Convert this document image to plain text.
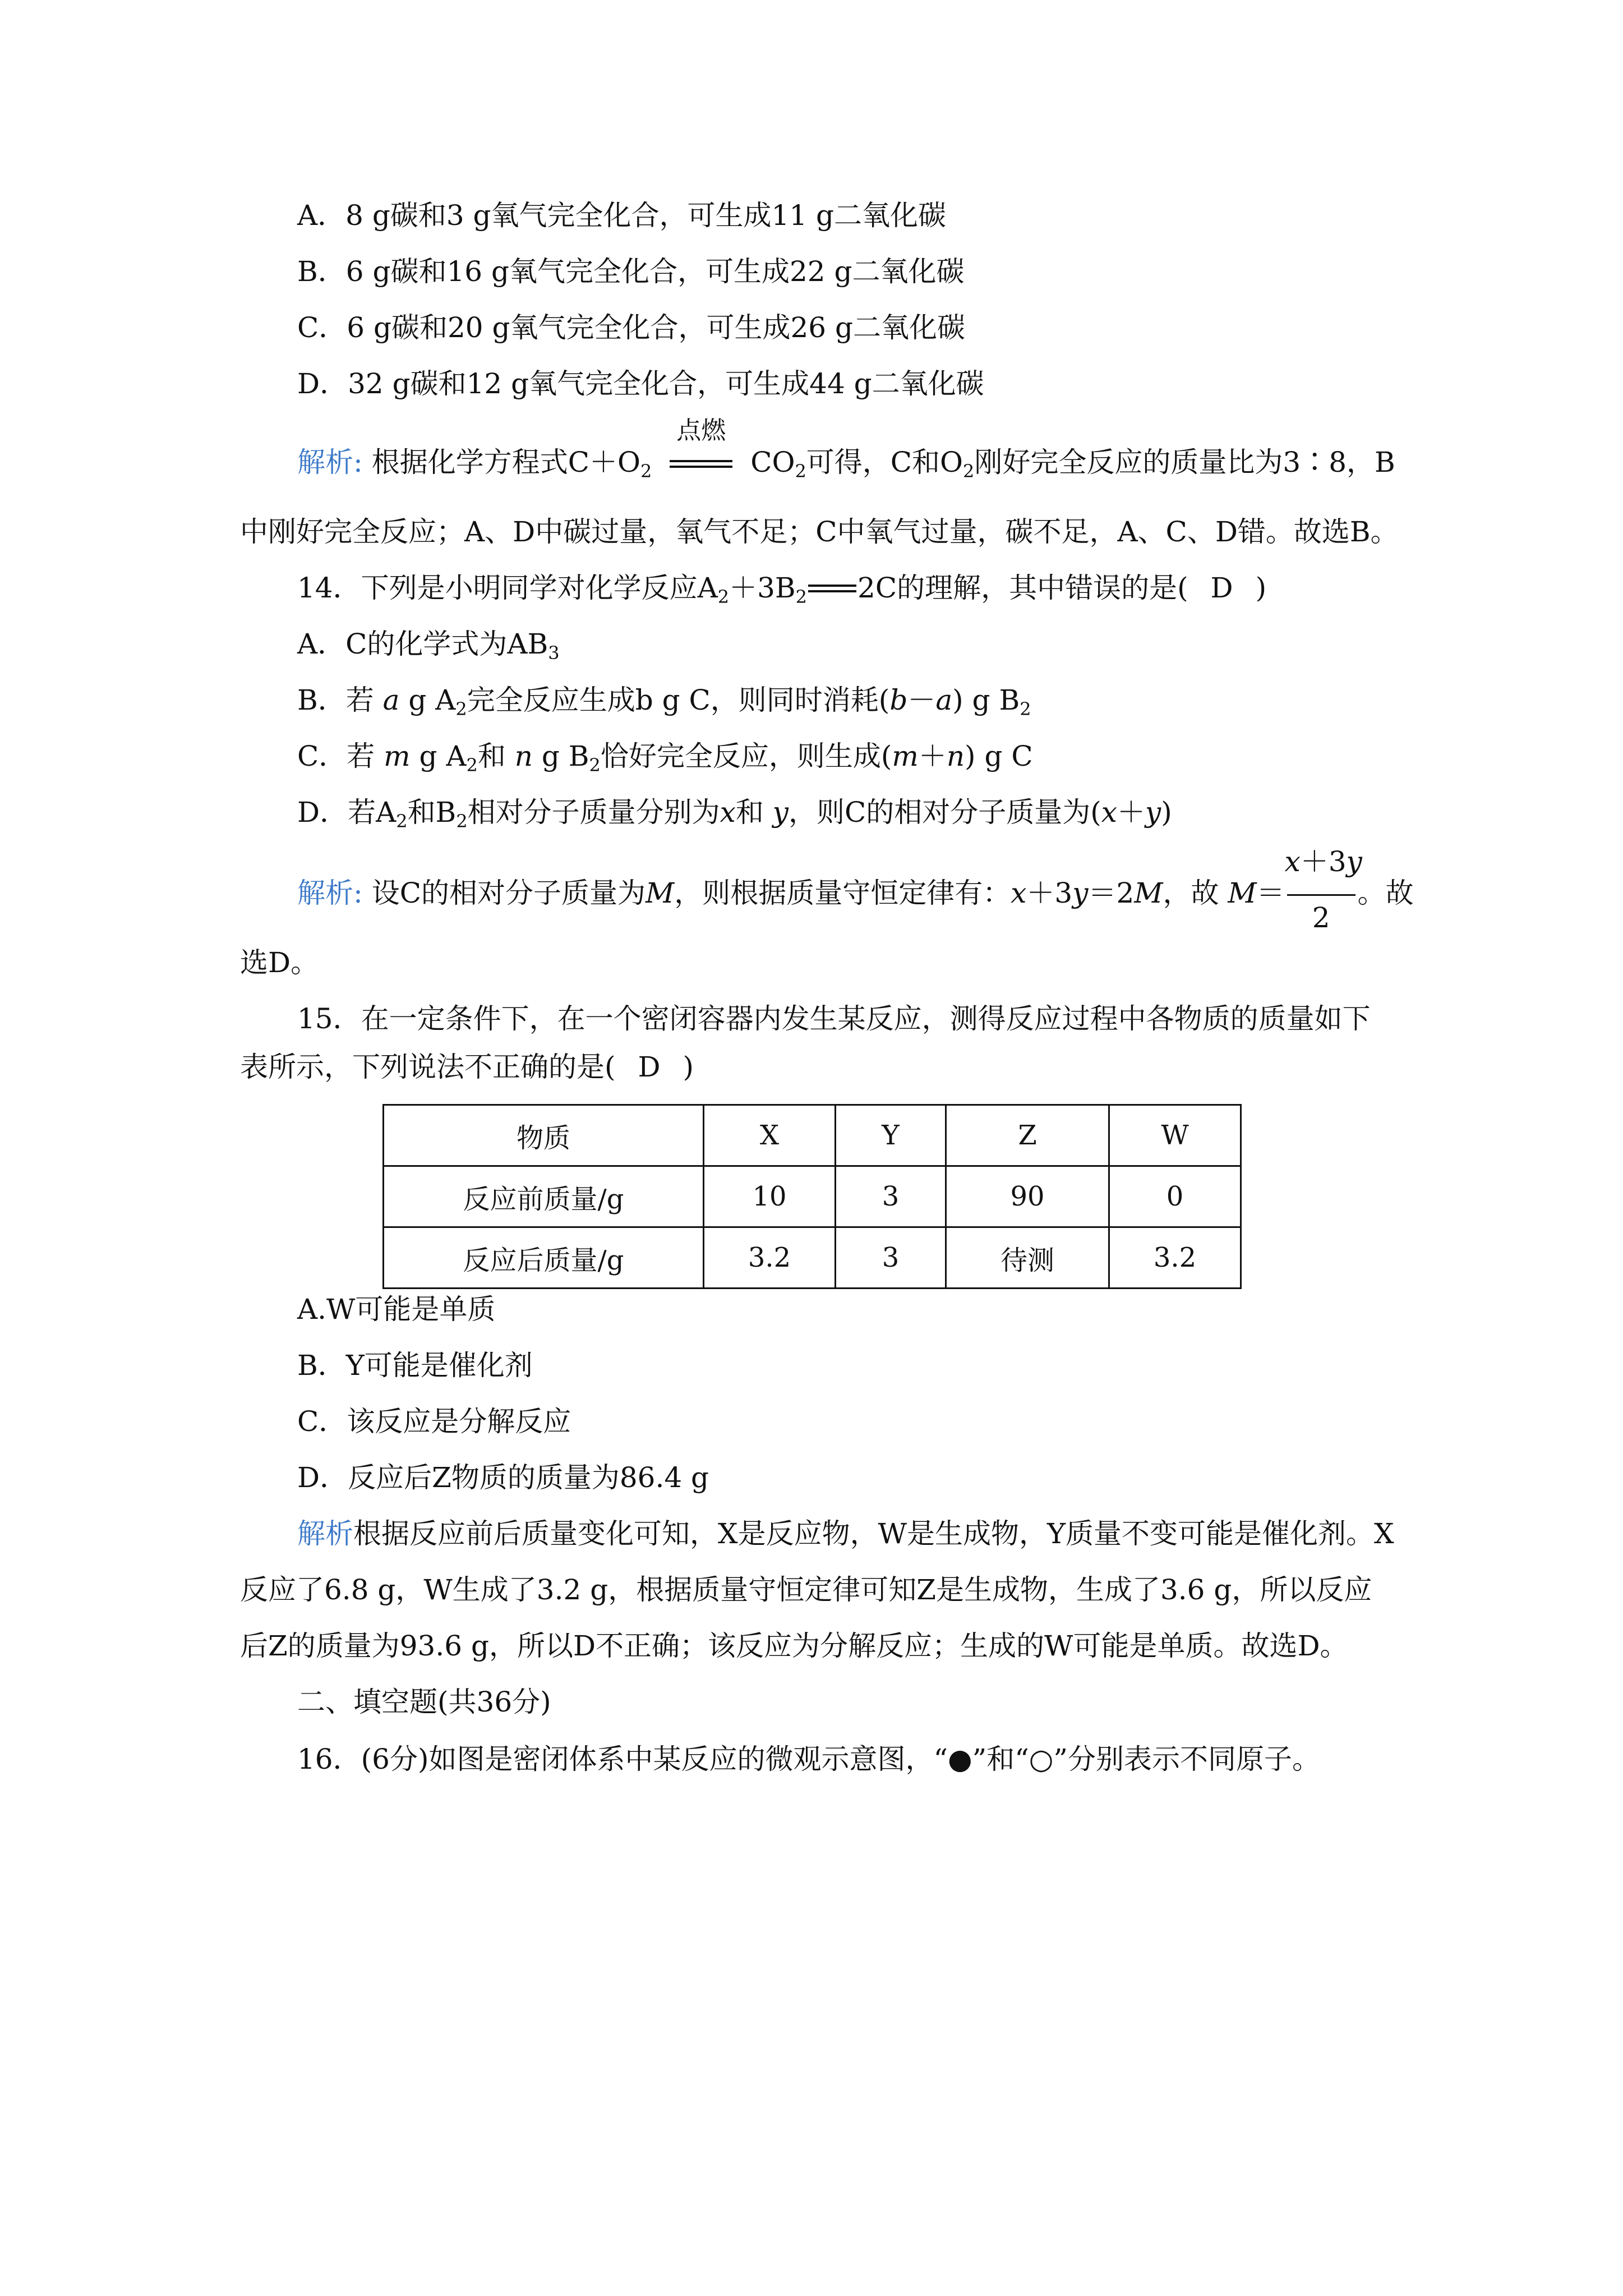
A．8 g碳和3 g氧气完全化合，可生成11 g二氧化碳
B．6 g碳和16 g氧气完全化合，可生成22 g二氧化碳
C．6 g碳和20 g氧气完全化合，可生成26 g二氧化碳
D．32 g碳和12 g氧气完全化合，可生成44 g二氧化碳
解析: 根据化学方程式$C+O_2$
点燃
$CO_2$可得，C和$O_2$刚好完全反应的质量比为3∶8，B
中刚好完全反应；A、D中碳过量，氧气不足；C中氧气过量，碳不足，A、C、D错。故选B。
14．下列是小明同学对化学反应$A_2+3B_2$ 2C的理解，其中错误的是( D )
A．C的化学式为$AB_3$
B．若 a g $A_2$完全反应生成b g C，则同时消耗(b－a) g $B_2$
C．若 m g $A_2$和 n g $B_2$恰好完全反应，则生成(m＋n) g C
D．若$A_2$和$B_2$相对分子质量分别为x和 y，则C的相对分子质量为(x＋y)
解析: 设C的相对分子质量为M，则根据质量守恒定律有：x＋3y＝2M，故 $M= \frac{x+3y}{2}$ 。故
选D。
15．在一定条件下，在一个密闭容器内发生某反应，测得反应过程中各物质的质量如下
表所示，下列说法不正确的是( D )
物质	X	Y	Z	W
反应前质量/g	10	3	90	0
反应后质量/g	3.2	3	待测	3.2
A.W可能是单质
B．Y可能是催化剂
C．该反应是分解反应
D．反应后Z物质的质量为86.4 g
解析根据反应前后质量变化可知，X是反应物，W是生成物，Y质量不变可能是催化剂。X
反应了6.8 g，W生成了3.2 g，根据质量守恒定律可知Z是生成物，生成了3.6 g，所以反应
后Z的质量为93.6 g，所以D不正确；该反应为分解反应；生成的W可能是单质。故选D。
二、填空题(共36分)
16．(6分)如图是密闭体系中某反应的微观示意图，“●”和“○”分别表示不同原子。
